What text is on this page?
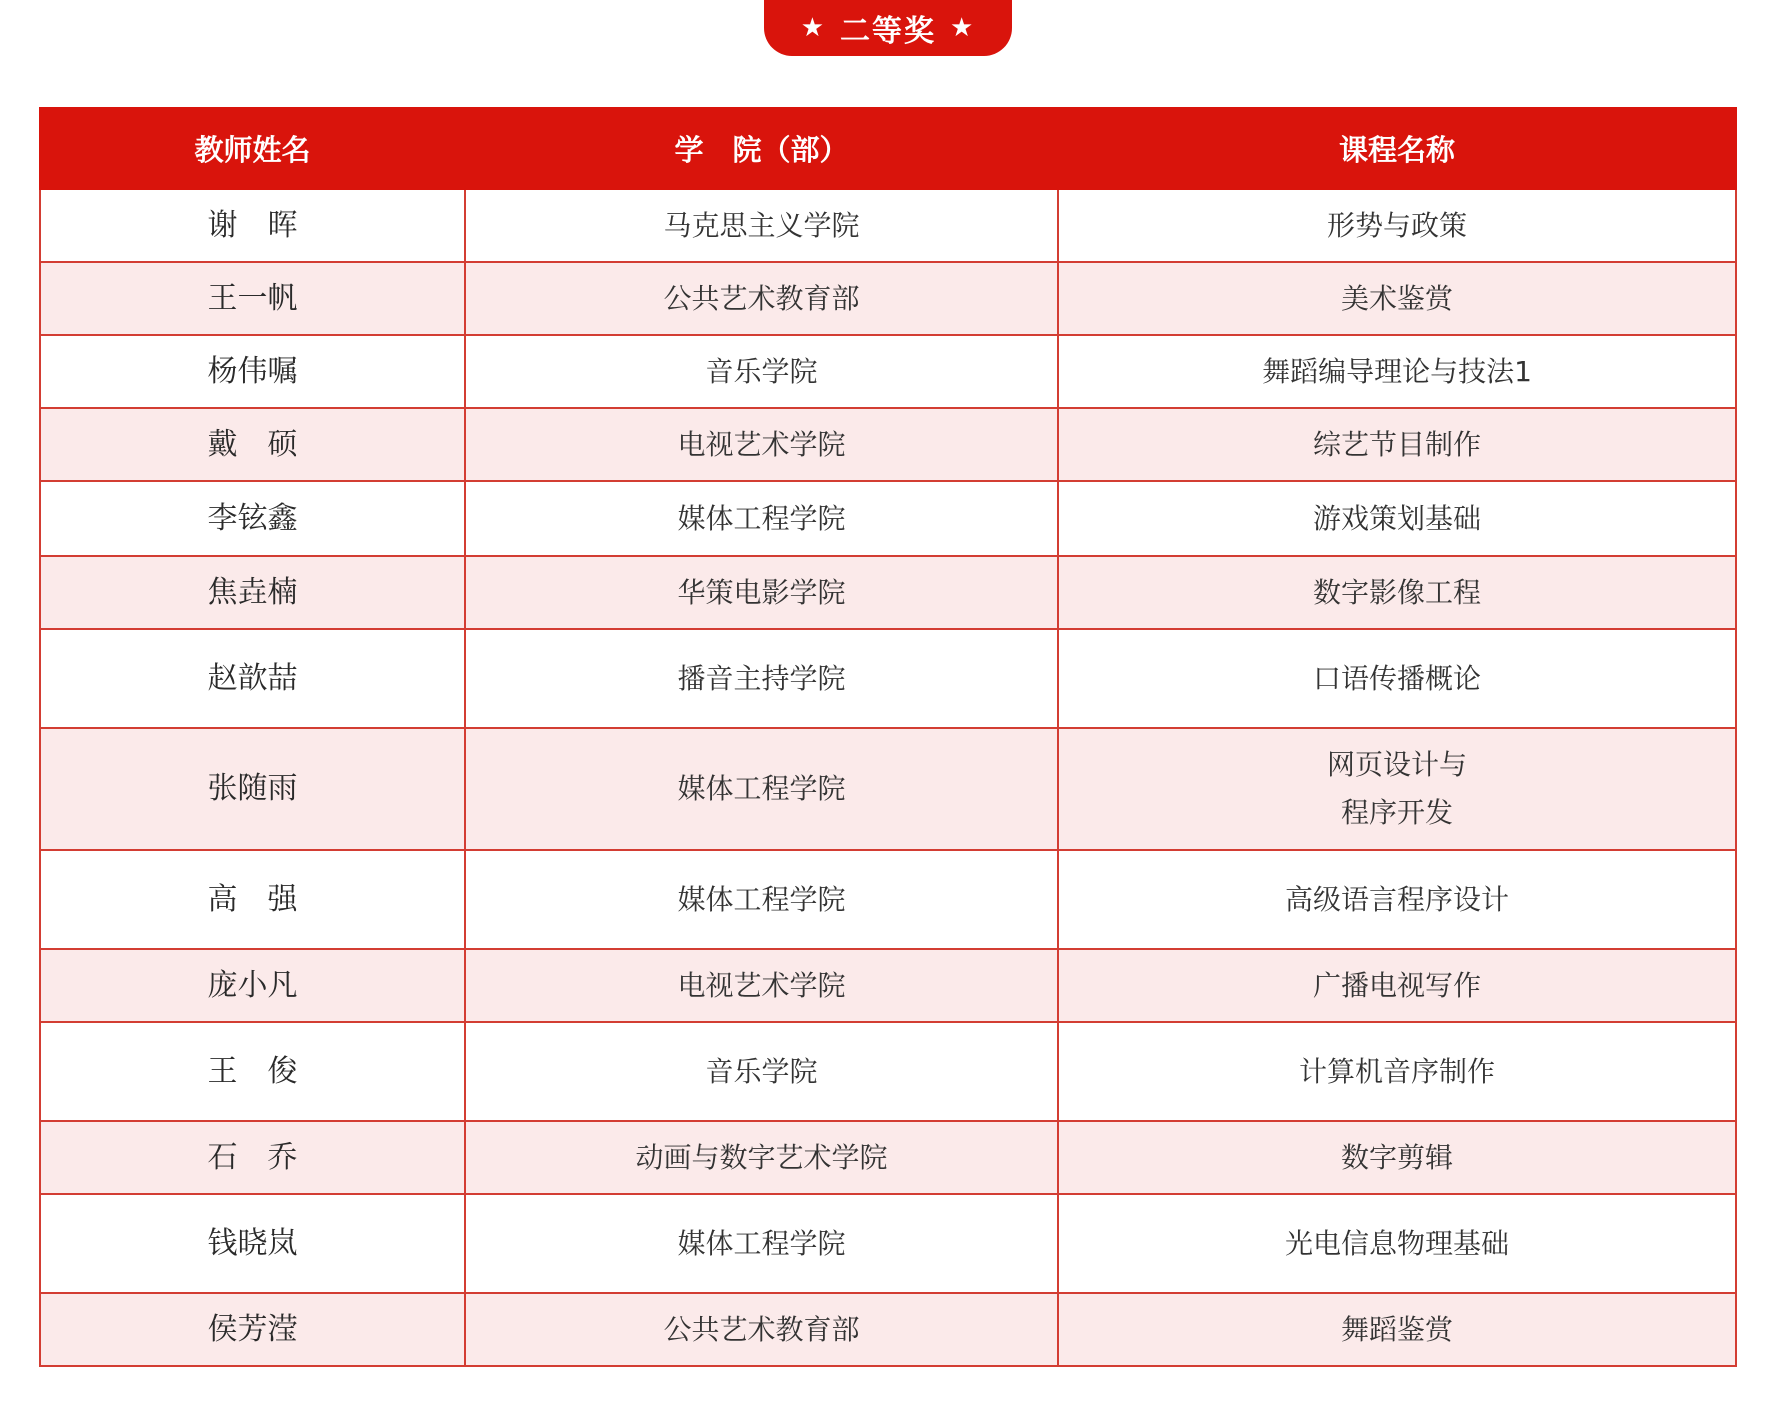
★ 二等奖 ★
教师姓名	学　院（部）	课程名称
谢　晖	马克思主义学院	形势与政策
王一帆	公共艺术教育部	美术鉴赏
杨伟嘱	音乐学院	舞蹈编导理论与技法1
戴　硕	电视艺术学院	综艺节目制作
李铉鑫	媒体工程学院	游戏策划基础
焦垚楠	华策电影学院	数字影像工程
赵歆喆	播音主持学院	口语传播概论
张随雨	媒体工程学院	网页设计与
程序开发

高　强	媒体工程学院	高级语言程序设计
庞小凡	电视艺术学院	广播电视写作
王　俊	音乐学院	计算机音序制作
石　乔	动画与数字艺术学院	数字剪辑
钱晓岚	媒体工程学院	光电信息物理基础
侯芳滢	公共艺术教育部	舞蹈鉴赏
